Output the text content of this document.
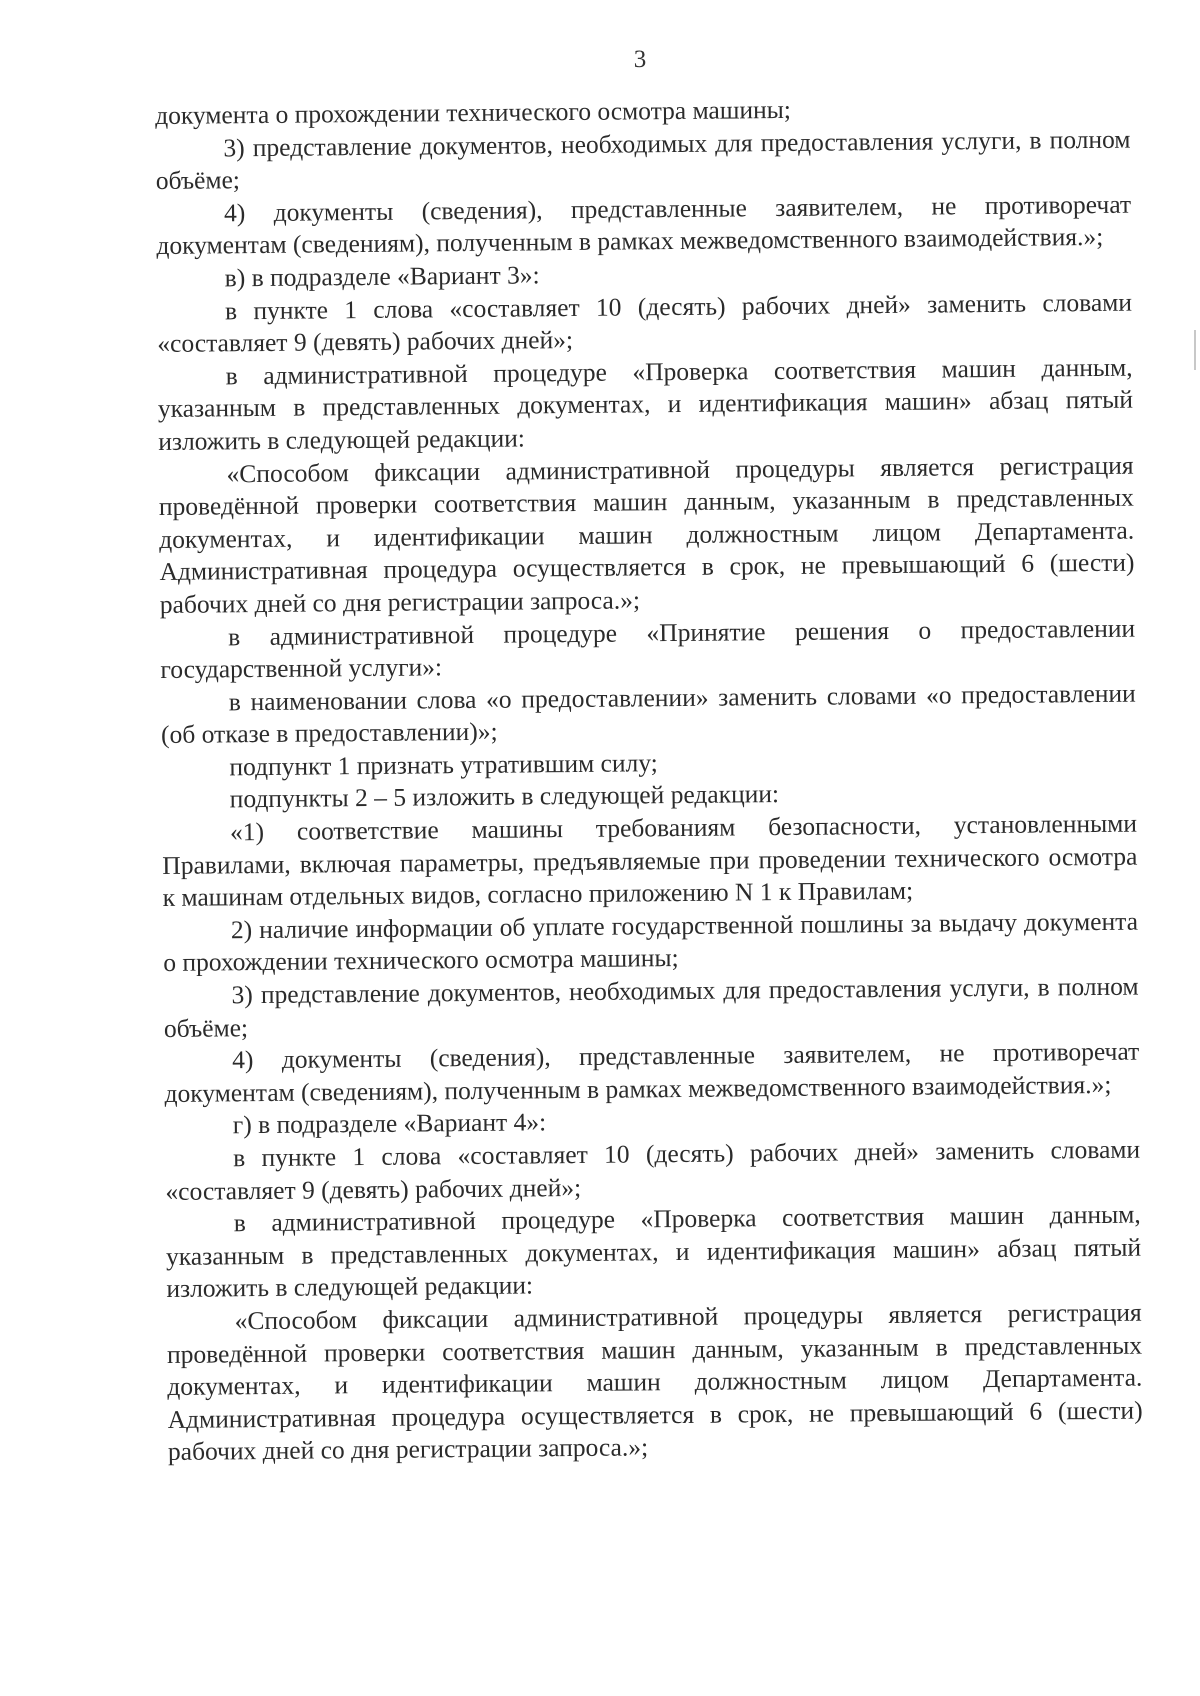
3

документа о прохождении технического осмотра машины;

3) представление документов, необходимых для предоставления услуги, в полном объёме;

4) документы (сведения), представленные заявителем, не противоречат документам (сведениям), полученным в рамках межведомственного взаимодействия.»;

в) в подразделе «Вариант 3»:

в пункте 1 слова «составляет 10 (десять) рабочих дней» заменить словами «составляет 9 (девять) рабочих дней»;

в административной процедуре «Проверка соответствия машин данным, указанным в представленных документах, и идентификация машин» абзац пятый изложить в следующей редакции:

«Способом фиксации административной процедуры является регистрация проведённой проверки соответствия машин данным, указанным в представленных документах, и идентификации машин должностным лицом Департамента. Административная процедура осуществляется в срок, не превышающий 6 (шести) рабочих дней со дня регистрации запроса.»;

в административной процедуре «Принятие решения о предоставлении государственной услуги»:

в наименовании слова «о предоставлении» заменить словами «о предоставлении (об отказе в предоставлении)»;

подпункт 1 признать утратившим силу;

подпункты 2 – 5 изложить в следующей редакции:

«1) соответствие машины требованиям безопасности, установленными Правилами, включая параметры, предъявляемые при проведении технического осмотра к машинам отдельных видов, согласно приложению N 1 к Правилам;

2) наличие информации об уплате государственной пошлины за выдачу документа о прохождении технического осмотра машины;

3) представление документов, необходимых для предоставления услуги, в полном объёме;

4) документы (сведения), представленные заявителем, не противоречат документам (сведениям), полученным в рамках межведомственного взаимодействия.»;

г) в подразделе «Вариант 4»:

в пункте 1 слова «составляет 10 (десять) рабочих дней» заменить словами «составляет 9 (девять) рабочих дней»;

в административной процедуре «Проверка соответствия машин данным, указанным в представленных документах, и идентификация машин» абзац пятый изложить в следующей редакции:

«Способом фиксации административной процедуры является регистрация проведённой проверки соответствия машин данным, указанным в представленных документах, и идентификации машин должностным лицом Департамента. Административная процедура осуществляется в срок, не превышающий 6 (шести) рабочих дней со дня регистрации запроса.»;
